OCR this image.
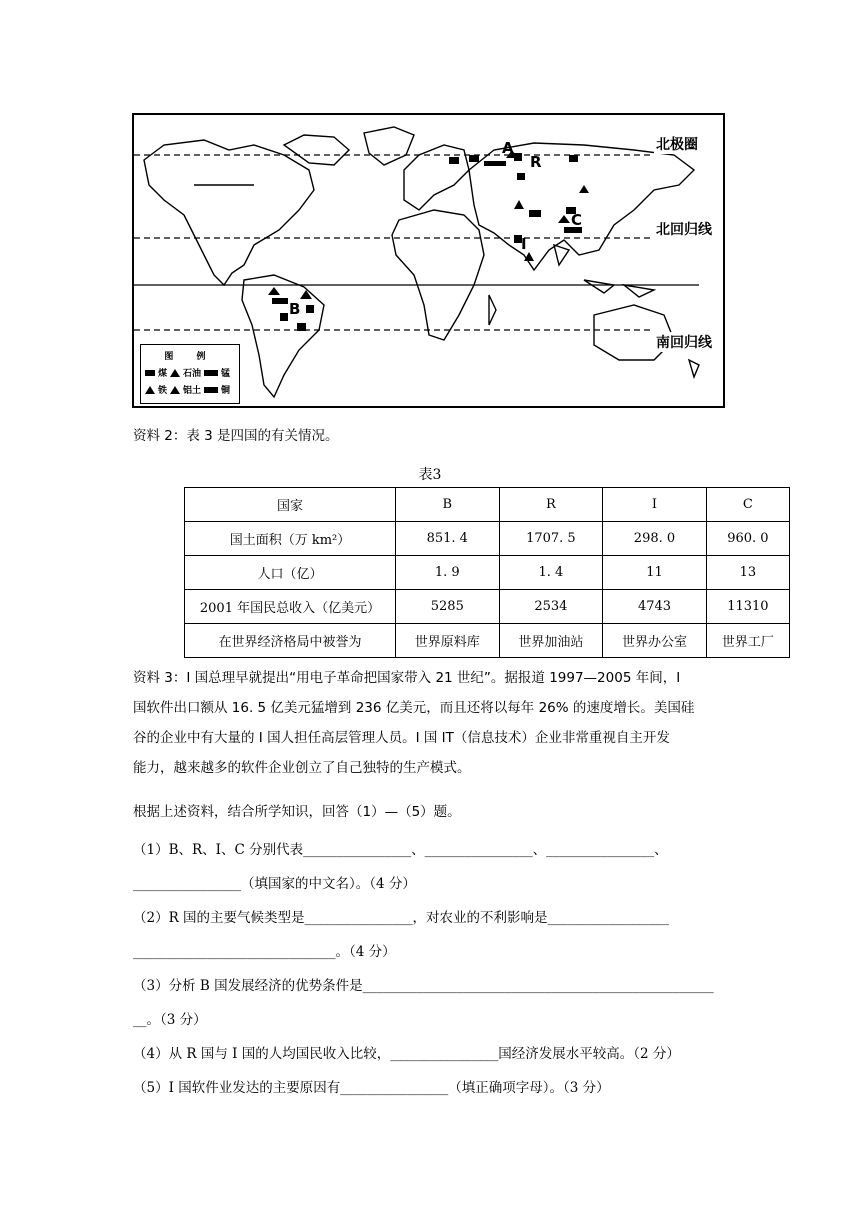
A
R
C
I
B
北极圈
北回归线
南回归线
图 例
煤 石油 锰
铁 铝土 铜
资料 2：表 3 是四国的有关情况。
表3
国家	B	R	I	C
国土面积（万 km²）	851. 4	1707. 5	298. 0	960. 0
人口（亿）	1. 9	1. 4	11	13
2001 年国民总收入（亿美元）	5285	2534	4743	11310
在世界经济格局中被誉为	世界原料库	世界加油站	世界办公室	世界工厂
资料 3：I 国总理早就提出“用电子革命把国家带入 21 世纪”。据报道 1997—2005 年间，I
国软件出口额从 16. 5 亿美元猛增到 236 亿美元，而且还将以每年 26% 的速度增长。美国硅
谷的企业中有大量的 I 国人担任高层管理人员。I 国 IT（信息技术）企业非常重视自主开发
能力，越来越多的软件企业创立了自己独特的生产模式。
根据上述资料，结合所学知识，回答（1）—（5）题。
（1）B、R、I、C 分别代表________________、________________、________________、
________________（填国家的中文名）。（4 分）
（2）R 国的主要气候类型是________________，对农业的不利影响是__________________
______________________________。（4 分）
（3）分析 B 国发展经济的优势条件是____________________________________________________
__。（3 分）
（4）从 R 国与 I 国的人均国民收入比较，________________国经济发展水平较高。（2 分）
（5）I 国软件业发达的主要原因有________________（填正确项字母）。（3 分）
